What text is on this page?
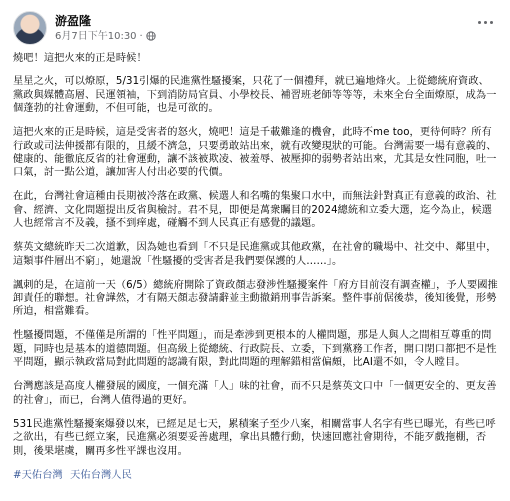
游盈隆
6月7日下午10:30 ·

燒吧！這把火來的正是時候！

星星之火，可以燎原，5/31引爆的民進黨性騷擾案，只花了一個禮拜，就已遍地烽火。上從總統府資政、黨政與媒體高層、民運領袖，下到消防局官員、小學校長、補習班老師等等等，未來全台全面燎原，成為一個蓬勃的社會運動，不但可能，也是可欲的。

這把火來的正是時候，這是受害者的怒火，燒吧！這是千載難逢的機會，此時不me too，更待何時？所有行政或司法伸援都有限的，且緩不濟急，只要勇敢站出來，就有改變現狀的可能。台灣需要一場有意義的、健康的、能徹底反省的社會運動，讓不該被欺凌、被羞辱、被壓抑的弱勢者站出來，尤其是女性同胞，吐一口氣，討一點公道，讓加害人付出必要的代價。

在此，台灣社會這種由長期被冷落在政黨、候選人和名嘴的集聚口水中，而無法針對真正有意義的政治、社會、經濟、文化問題提出反省與檢討。君不見，即便是萬衆矚目的2024總統和立委大選，迄今為止，候選人也經常言不及義，搔不到痒處，碰觸不到人民真正有感覺的議題。

蔡英文總統昨天二次道歉，因為她也看到「不只是民進黨或其他政黨，在社會的職場中、社交中、鄰里中，這類事件層出不窮」，她還說「性騷擾的受害者是我們要保護的人……」。

諷刺的是，在這前一天（6/5）總統府開除了資政顏志發涉性騷擾案件「府方目前沒有調查權」，予人要國推卸責任的聯想。社會譁然，才有隔天顏志發請辭並主動撤銷刑事告訴案。整件事前倨後恭，後知後覺，形勢所迫，相當難看。

性騷擾問題，不僅僅是所謂的「性平問題」，而是牽涉到更根本的人權問題，那是人與人之間相互尊重的問題，同時也是基本的道德問題。但高級上從總統、行政院長、立委，下到黨務工作者，開口閉口都把不是性平問題，顯示執政當局對此問題的認識有限，對此問題的理解錯相當偏頗，比AI還不如，令人瞠目。

台灣應該是高度人權發展的國度，一個充滿「人」味的社會，而不只是蔡英文口中「一個更安全的、更友善的社會」，而已，台灣人值得過的更好。

531民進黨性騷擾案爆發以來，已經足足七天，累積案子至少八案，相關當事人名字有些已曝光，有些已呼之欲出，有些已經立案，民進黨必須要妥善處理，拿出具體行動，快速回應社會期待，不能歹戲拖棚，否則，後果堪虞，關再多性平課也沒用。

#天佑台灣 天佑台灣人民
